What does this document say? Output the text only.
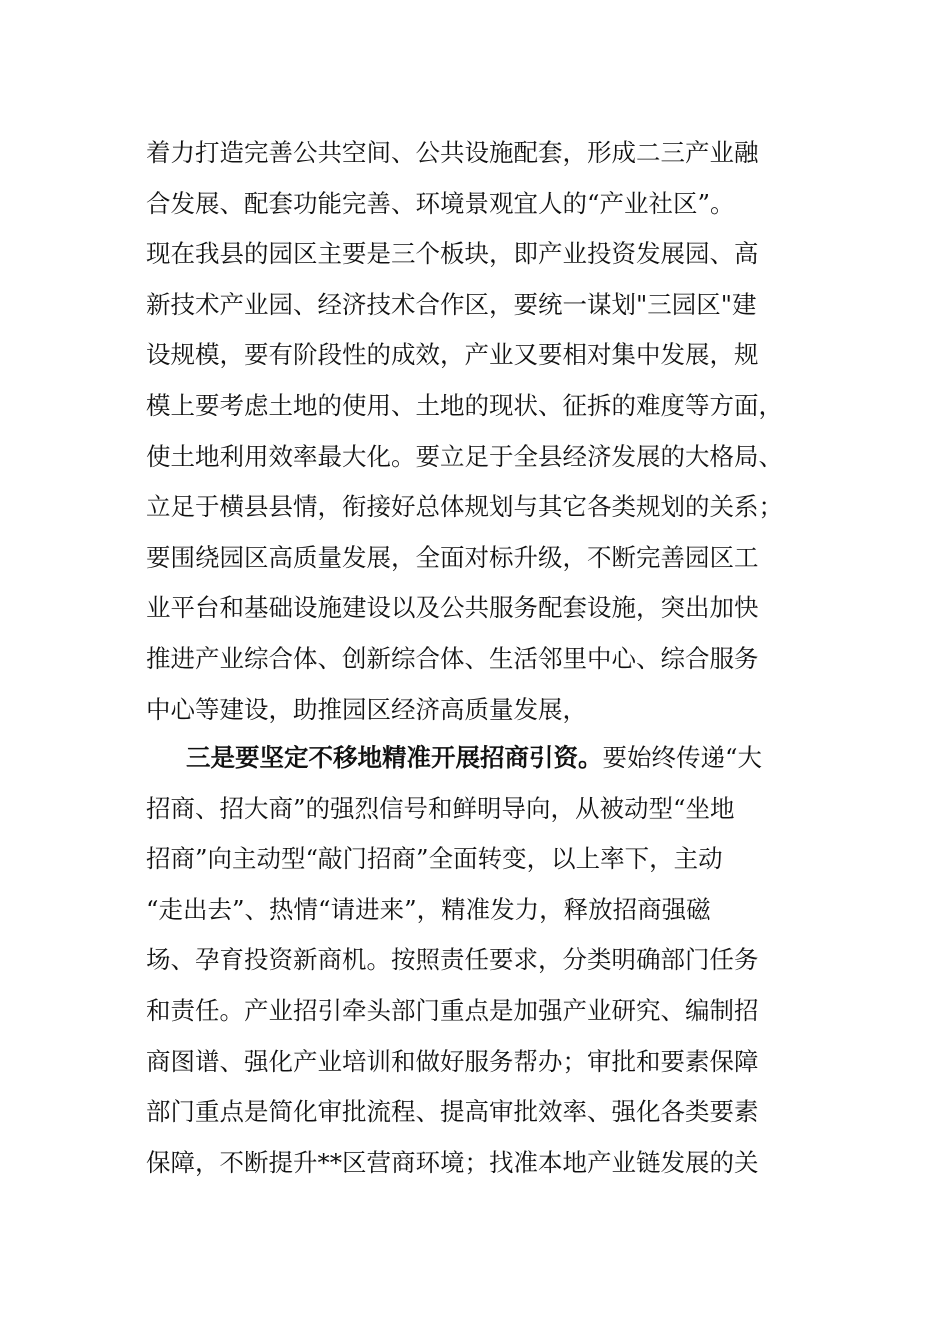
着力打造完善公共空间、公共设施配套，形成二三产业融
合发展、配套功能完善、环境景观宜人的“产业社区”。
现在我县的园区主要是三个板块，即产业投资发展园、高
新技术产业园、经济技术合作区，要统一谋划"三园区"建
设规模，要有阶段性的成效，产业又要相对集中发展，规
模上要考虑土地的使用、土地的现状、征拆的难度等方面，
使土地利用效率最大化。要立足于全县经济发展的大格局、
立足于横县县情，衔接好总体规划与其它各类规划的关系；
要围绕园区高质量发展，全面对标升级，不断完善园区工
业平台和基础设施建设以及公共服务配套设施，突出加快
推进产业综合体、创新综合体、生活邻里中心、综合服务
中心等建设，助推园区经济高质量发展，
三是要坚定不移地精准开展招商引资。要始终传递“大
招商、招大商”的强烈信号和鲜明导向，从被动型“坐地
招商”向主动型“敲门招商”全面转变，以上率下，主动
“走出去”、热情“请进来”，精准发力，释放招商强磁
场、孕育投资新商机。按照责任要求，分类明确部门任务
和责任。产业招引牵头部门重点是加强产业研究、编制招
商图谱、强化产业培训和做好服务帮办；审批和要素保障
部门重点是简化审批流程、提高审批效率、强化各类要素
保障，不断提升**区营商环境；找准本地产业链发展的关
